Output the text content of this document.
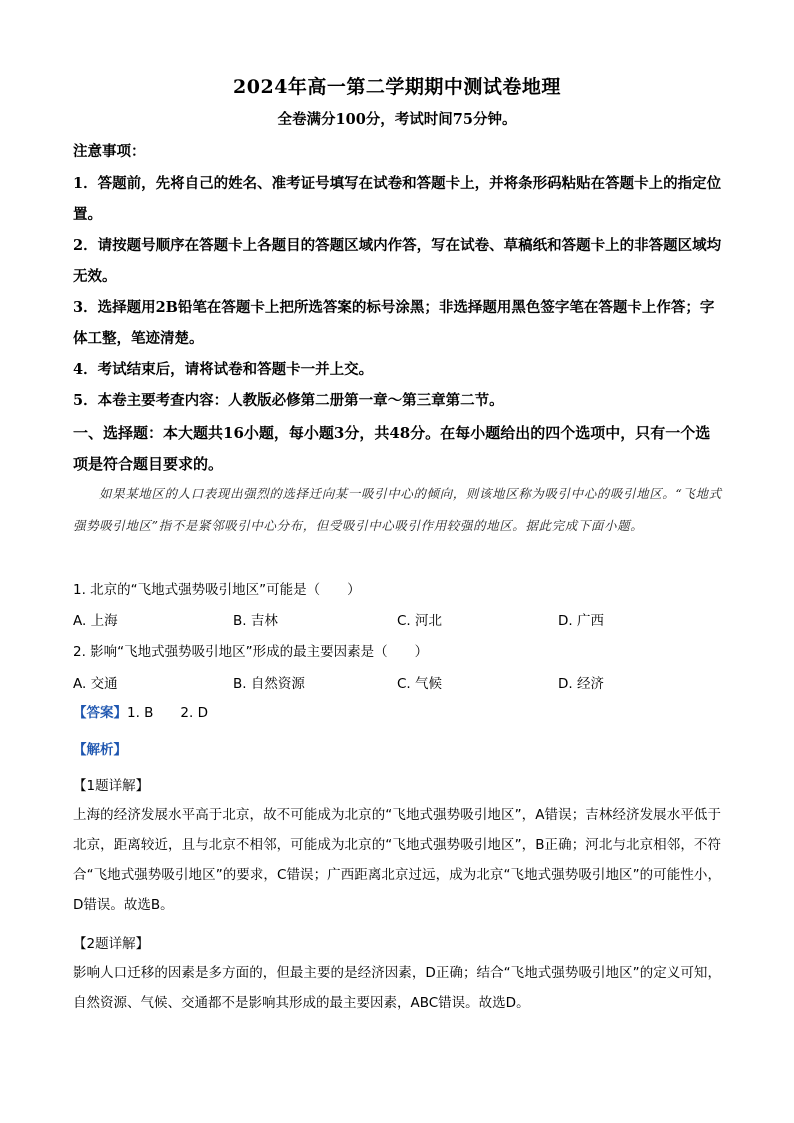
2024年高一第二学期期中测试卷地理
全卷满分100分，考试时间75分钟。
注意事项：

1．答题前，先将自己的姓名、准考证号填写在试卷和答题卡上，并将条形码粘贴在答题卡上的指定位置。

2．请按题号顺序在答题卡上各题目的答题区域内作答，写在试卷、草稿纸和答题卡上的非答题区域均无效。

3．选择题用2B铅笔在答题卡上把所选答案的标号涂黑；非选择题用黑色签字笔在答题卡上作答；字体工整，笔迹清楚。

4．考试结束后，请将试卷和答题卡一并上交。

5．本卷主要考查内容：人教版必修第二册第一章～第三章第二节。

一、选择题：本大题共16小题，每小题3分，共48分。在每小题给出的四个选项中，只有一个选项是符合题目要求的。
如果某地区的人口表现出强烈的选择迁向某一吸引中心的倾向，则该地区称为吸引中心的吸引地区。“飞地式强势吸引地区”指不是紧邻吸引中心分布，但受吸引中心吸引作用较强的地区。据此完成下面小题。
1. 北京的“飞地式强势吸引地区”可能是（　　）
A. 上海	B. 吉林	C. 河北	D. 广西
2. 影响“飞地式强势吸引地区”形成的最主要因素是（　　）
A. 交通	B. 自然资源	C. 气候	D. 经济
【答案】1. B　　2. D
【解析】
【1题详解】
上海的经济发展水平高于北京，故不可能成为北京的“飞地式强势吸引地区”，A错误；吉林经济发展水平低于北京，距离较近，且与北京不相邻，可能成为北京的“飞地式强势吸引地区”，B正确；河北与北京相邻，不符合“飞地式强势吸引地区”的要求，C错误；广西距离北京过远，成为北京“飞地式强势吸引地区”的可能性小，D错误。故选B。
【2题详解】
影响人口迁移的因素是多方面的，但最主要的是经济因素，D正确；结合“飞地式强势吸引地区”的定义可知，自然资源、气候、交通都不是影响其形成的最主要因素，ABC错误。故选D。
